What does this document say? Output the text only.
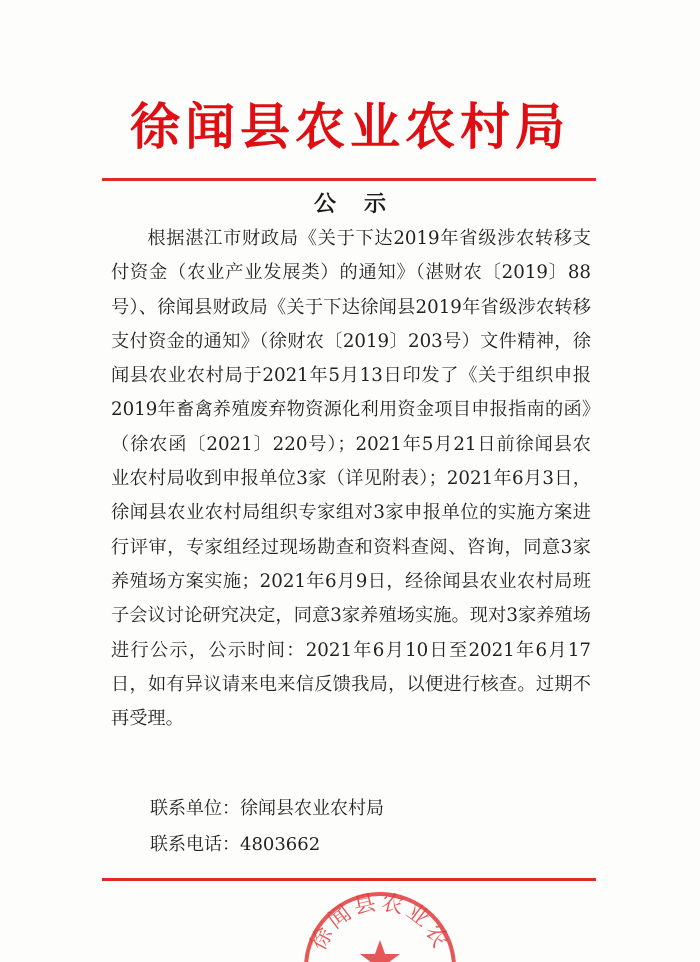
徐闻县农业农村局
公示

根据湛江市财政局《关于下达2019年省级涉农转移支付资金（农业产业发展类）的通知》（湛财农〔2019〕88号）、徐闻县财政局《关于下达徐闻县2019年省级涉农转移支付资金的通知》（徐财农〔2019〕203号）文件精神，徐闻县农业农村局于2021年5月13日印发了《关于组织申报2019年畜禽养殖废弃物资源化利用资金项目申报指南的函》（徐农函〔2021〕220号）；2021年5月21日前徐闻县农业农村局收到申报单位3家（详见附表）；2021年6月3日，徐闻县农业农村局组织专家组对3家申报单位的实施方案进行评审，专家组经过现场勘查和资料查阅、咨询，同意3家养殖场方案实施；2021年6月9日，经徐闻县农业农村局班子会议讨论研究决定，同意3家养殖场实施。现对3家养殖场进行公示，公示时间：2021年6月10日至2021年6月17日，如有异议请来电来信反馈我局，以便进行核查。过期不再受理。

联系单位：徐闻县农业农村局
联系电话：4803662
徐闻县农业农
